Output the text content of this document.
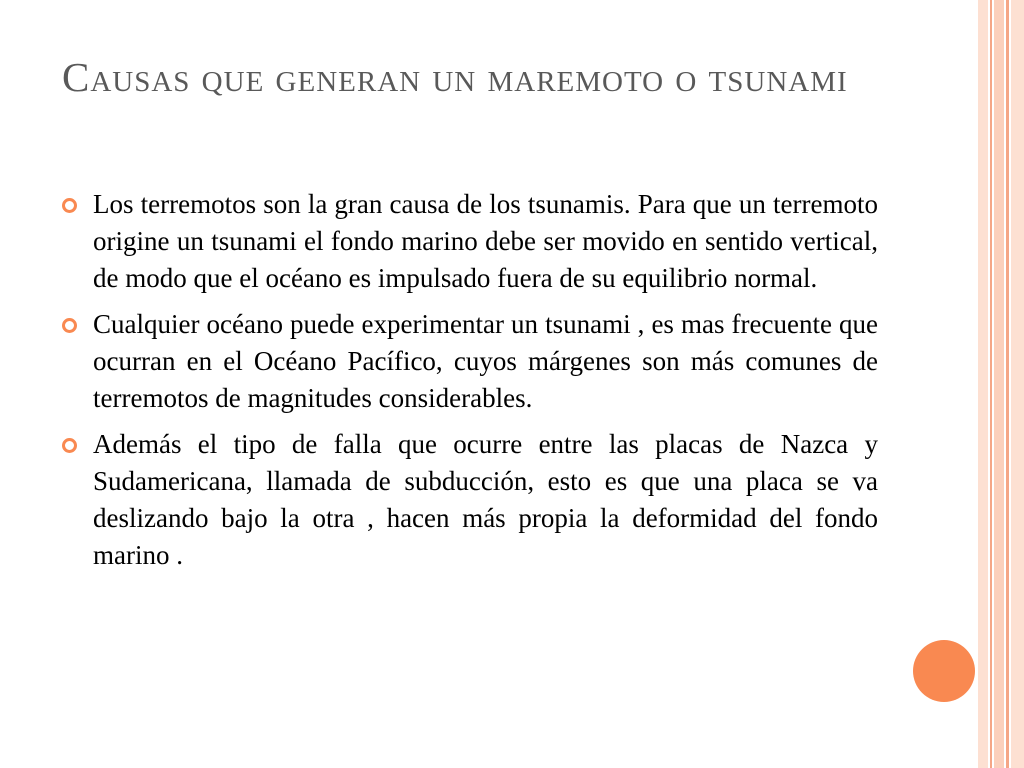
Causas que generan un maremoto o tsunami
Los terremotos son la gran causa de los tsunamis. Para que un terremoto origine un tsunami el fondo marino debe ser movido en sentido vertical, de modo que el océano es impulsado fuera de su equilibrio normal.
Cualquier océano puede experimentar un tsunami , es mas frecuente que ocurran en el Océano Pacífico, cuyos márgenes son más comunes de terremotos de magnitudes considerables.
Además el tipo de falla que ocurre entre las placas de Nazca y Sudamericana, llamada de subducción, esto es que una placa se va deslizando bajo la otra , hacen más propia la deformidad del fondo marino .
